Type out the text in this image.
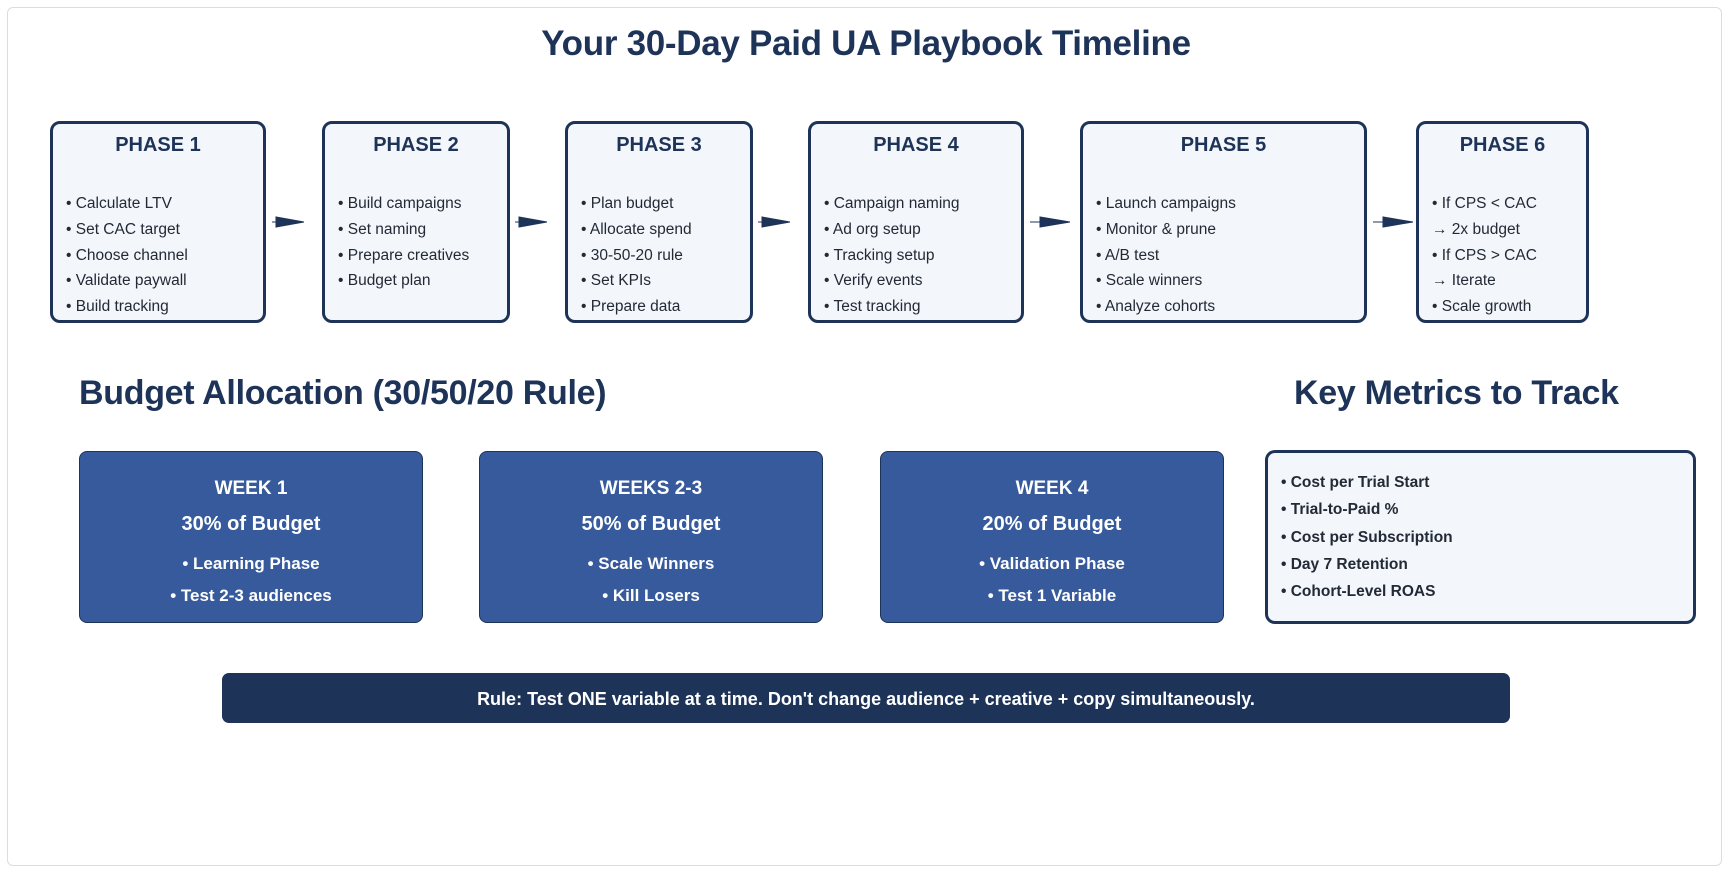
Your 30-Day Paid UA Playbook Timeline
PHASE 1
• Calculate LTV
• Set CAC target
• Choose channel
• Validate paywall
• Build tracking
PHASE 2
• Build campaigns
• Set naming
• Prepare creatives
• Budget plan
PHASE 3
• Plan budget
• Allocate spend
• 30-50-20 rule
• Set KPIs
• Prepare data
PHASE 4
• Campaign naming
• Ad org setup
• Tracking setup
• Verify events
• Test tracking
PHASE 5
• Launch campaigns
• Monitor & prune
• A/B test
• Scale winners
• Analyze cohorts
PHASE 6
• If CPS < CAC
→ 2x budget
• If CPS > CAC
→ Iterate
• Scale growth
Budget Allocation (30/50/20 Rule)	Key Metrics to Track
WEEK 1
30% of Budget
• Learning Phase
• Test 2-3 audiences
WEEKS 2-3
50% of Budget
• Scale Winners
• Kill Losers
WEEK 4
20% of Budget
• Validation Phase
• Test 1 Variable
• Cost per Trial Start
• Trial-to-Paid %
• Cost per Subscription
• Day 7 Retention
• Cohort-Level ROAS
Rule: Test ONE variable at a time. Don't change audience + creative + copy simultaneously.
